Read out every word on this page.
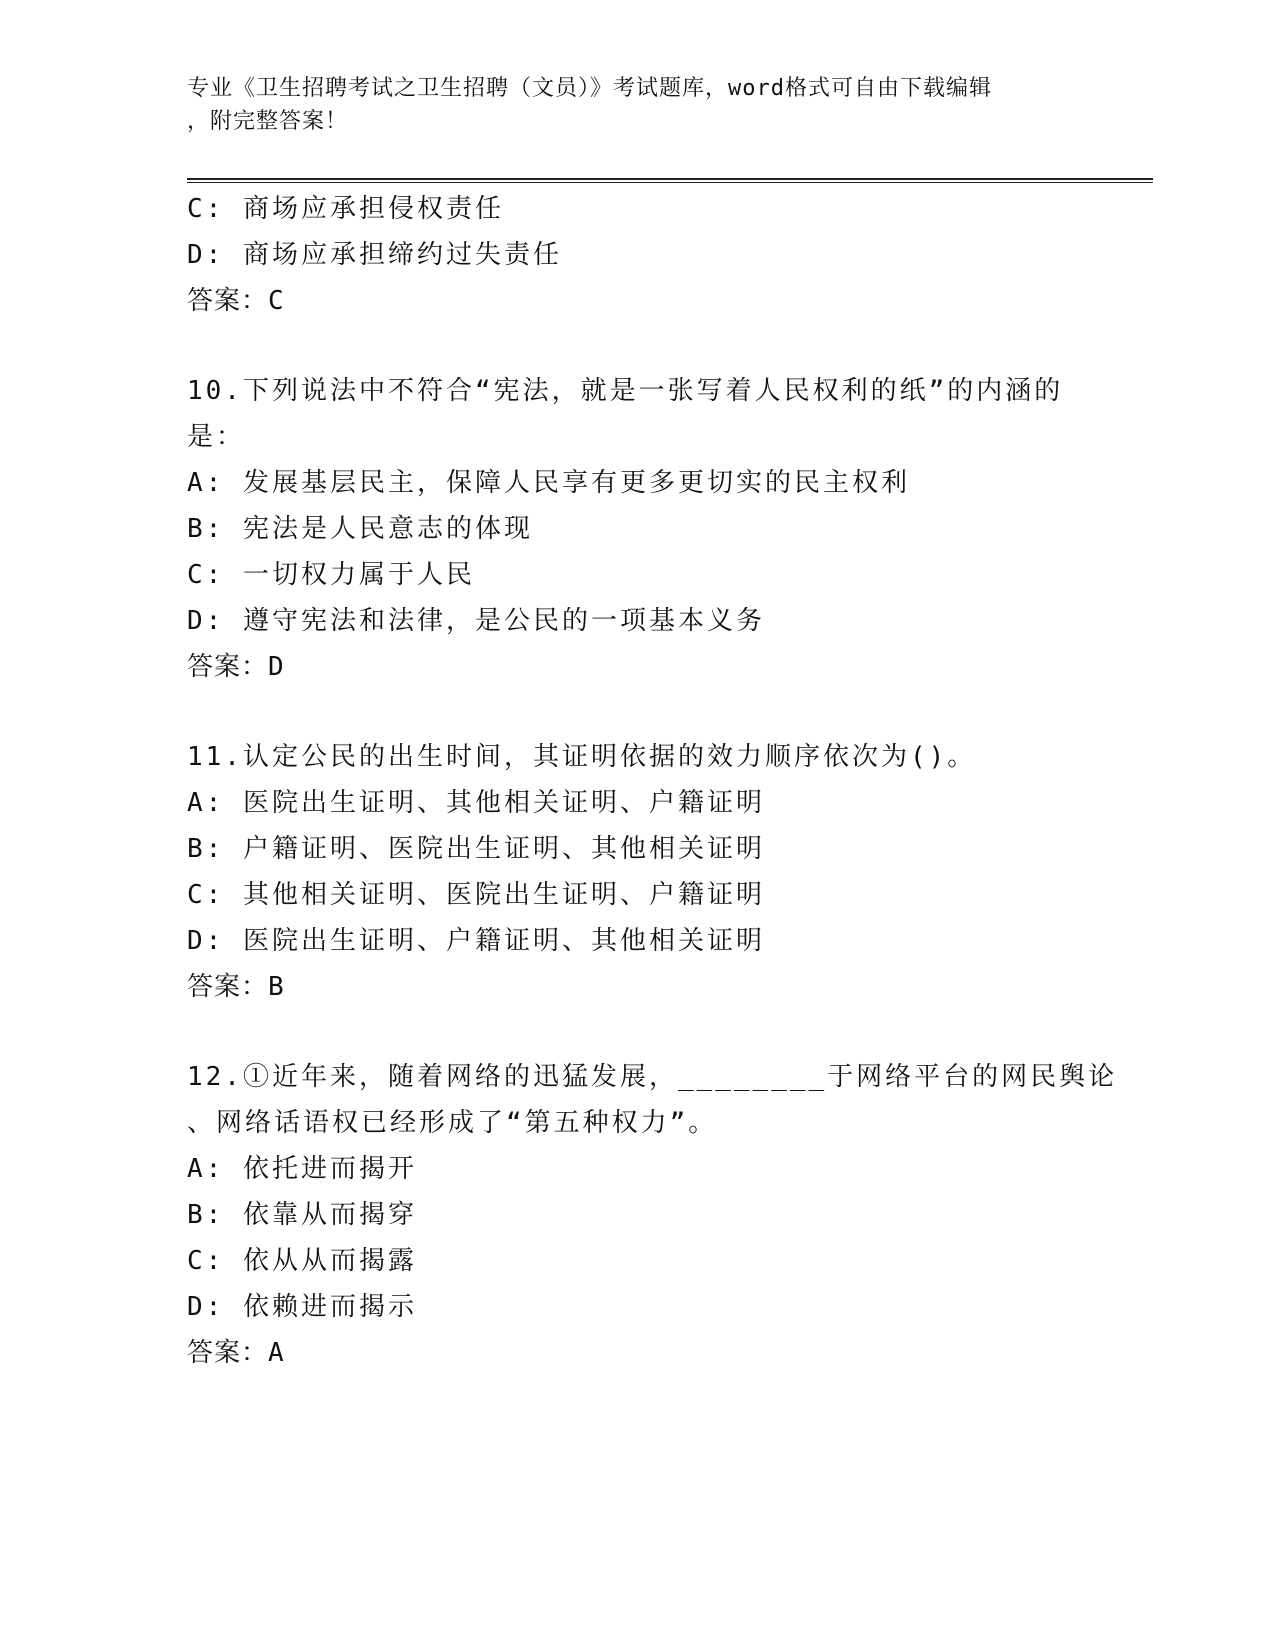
专业《卫生招聘考试之卫生招聘（文员）》考试题库，word格式可自由下载编辑
，附完整答案！
C: 商场应承担侵权责任
D: 商场应承担缔约过失责任
答案：C
10.下列说法中不符合“宪法，就是一张写着人民权利的纸”的内涵的
是：
A: 发展基层民主，保障人民享有更多更切实的民主权利
B: 宪法是人民意志的体现
C: 一切权力属于人民
D: 遵守宪法和法律，是公民的一项基本义务
答案：D
11.认定公民的出生时间，其证明依据的效力顺序依次为()。
A: 医院出生证明、其他相关证明、户籍证明
B: 户籍证明、医院出生证明、其他相关证明
C: 其他相关证明、医院出生证明、户籍证明
D: 医院出生证明、户籍证明、其他相关证明
答案：B
12.①近年来，随着网络的迅猛发展，________于网络平台的网民舆论
、网络话语权已经形成了“第五种权力”。
A: 依托进而揭开
B: 依靠从而揭穿
C: 依从从而揭露
D: 依赖进而揭示
答案：A
